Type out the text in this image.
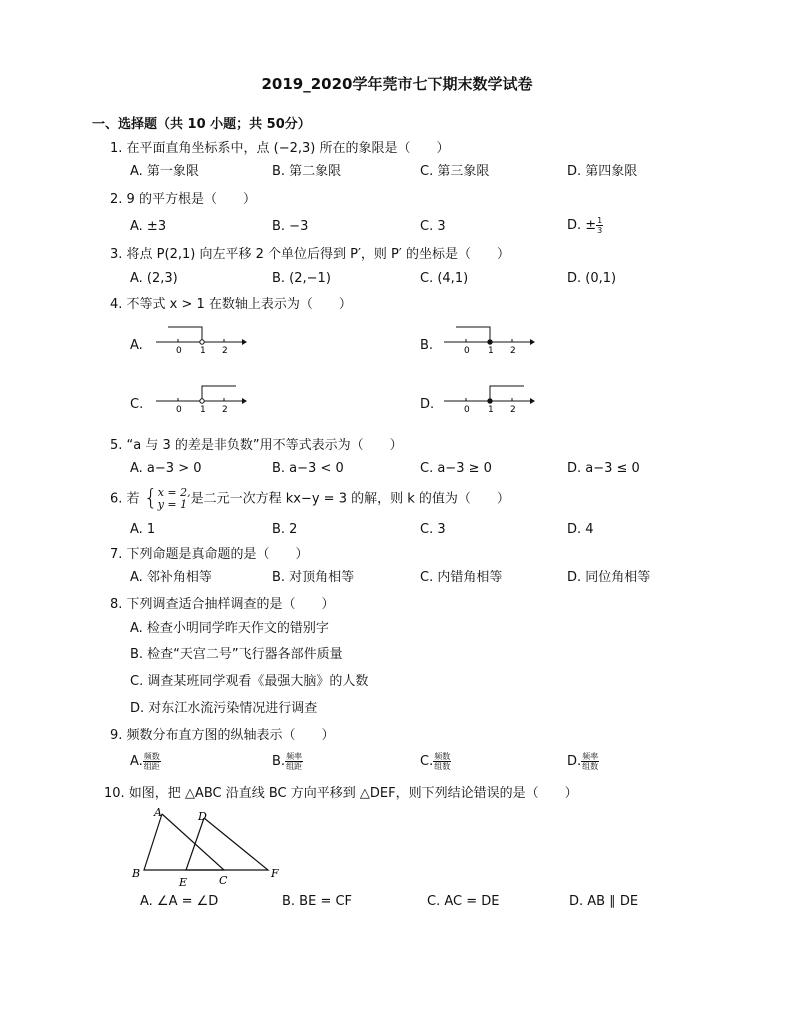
2019_2020学年莞市七下期末数学试卷
一、选择题（共 10 小题；共 50分）
1. 在平面直角坐标系中，点 (−2,3) 所在的象限是（　　）
A. 第一象限	B. 第二象限	C. 第三象限	D. 第四象限
2. 9 的平方根是（　　）
A. ±3	B. −3	C. 3	D. ± $\frac{1}{3}$
3. 将点 P(2,1) 向左平移 2 个单位后得到 P′，则 P′ 的坐标是（　　）
A. (2,3)	B. (2,−1)	C. (4,1)	D. (0,1)
4. 不等式 x > 1 在数轴上表示为（　　）
A.	0 1 2	B.	0 1 2
C.	0 1 2	D.	0 1 2
5. “a 与 3 的差是非负数”用不等式表示为（　　）
A. a−3 > 0	B. a−3 < 0	C. a−3 ≥ 0	D. a−3 ≤ 0
6. 若 { x = 2,
y = 1 是二元一次方程 kx−y = 3 的解，则 k 的值为（　　）
A. 1	B. 2	C. 3	D. 4
7. 下列命题是真命题的是（　　）
A. 邻补角相等	B. 对顶角相等	C. 内错角相等	D. 同位角相等
8. 下列调查适合抽样调查的是（　　）
A. 检查小明同学昨天作文的错别字
B. 检查“天宫二号”飞行器各部件质量
C. 调查某班同学观看《最强大脑》的人数
D. 对东江水流污染情况进行调查
9. 频数分布直方图的纵轴表示（　　）
A. $\frac{\text{频数}}{\text{组距}}$	B. $\frac{\text{频率}}{\text{组距}}$	C. $\frac{\text{频数}}{\text{组数}}$	D. $\frac{\text{频率}}{\text{组数}}$
10. 如图，把 △ABC 沿直线 BC 方向平移到 △DEF，则下列结论错误的是（　　）
A	D
B
E	C
F
A. ∠A = ∠D	B. BE = CF	C. AC = DE	D. AB ∥ DE
